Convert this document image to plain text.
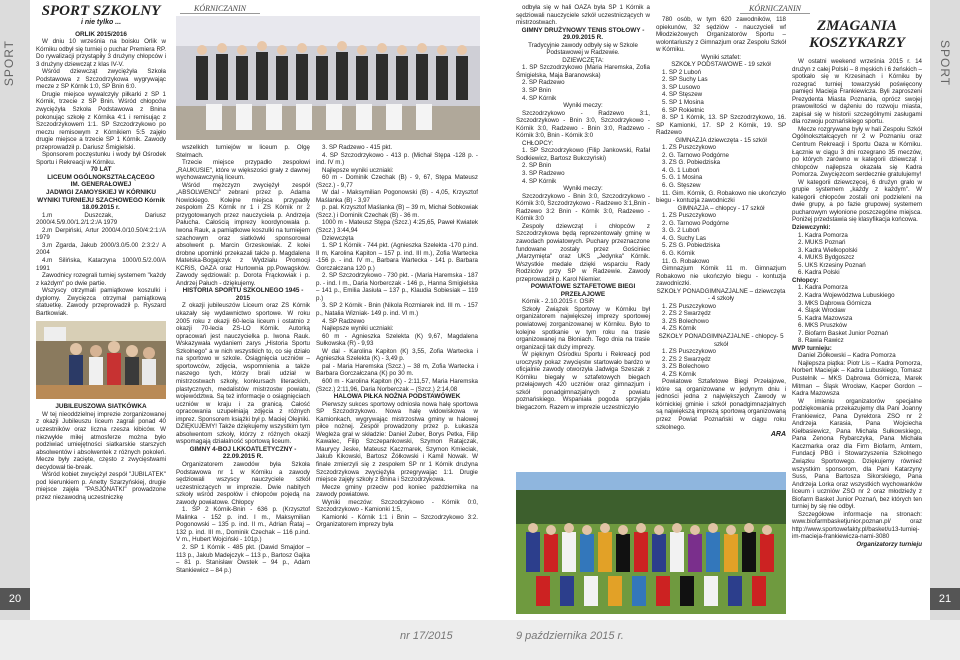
SPORT
20
nr 17/2015
SPORT SZKOLNY
i nie tylko ...

ORLIK 2015/2016

W dniu 10 września na boisku Orlik w Kórniku odbył się turniej o puchar Premiera RP. Do rywalizacji przystąpiły 3 drużyny chłopców i 3 drużyny dziewcząt z klas IV-V.

Wśród dziewcząt zwyciężyła Szkoła Podstawowa z Szczodrzykowa wygrywając mecze z SP Kórnik 1:0, SP Bnin 6:0.

Drugie miejsce wywalczyły piłkarki z SP 1 Kórnik, trzecie z SP Bnin. Wśród chłopców zwyciężyła Szkoła Podstawowa z Bnina pokonując szkołę z Kórnika 4:1 i remisując z Szczodrzykowem 1:1. SP Szczodrzykowo po meczu remisowym z Kórnikiem 5:5 zajęło drugie miejsce a trzecie SP 1 Kórnik. Zawody przeprowadził p. Dariusz Śmigielski.

Sponsorem poczęstunku i wody był Ośrodek Sportu i Rekreacji w Kórniku.

70 LAT

LICEUM OGÓLNOKSZTAŁCĄCEGO

IM. GENERAŁOWEJ

JADWIGI ZAMOYSKIEJ W KÓRNIKU

WYNIKI TURNIEJU SZACHOWEGO Kórnik 18.09.2015 r.

1.m Duszczak, Dariusz 2000/4.5/9.00/1.2/1:2:/A 1979

2.m Derpiński, Artur 2000/4.0/10.50/4:2:1:/A 1979

3.m Zgarda, Jakub 2000/3.0/5.00 2:3:2:/ A 2004

4.m Silińska, Katarzyna 1000/0.5/2.00/A 1991

Zawodnicy rozegrali turniej systemem "każdy z każdym" po dwie partie.

Wszyscy otrzymali pamiątkowe koszulki i dyplomy. Zwycięzca otrzymał pamiątkową statuetkę. Zawody przeprowadził p. Ryszard Bartkowiak.

JUBILEUSZOWA SIATKÓWKA

W tej nieoddzielnej imprezie zorganizowanej z okazji Jubileuszu liceum zagrali ponad 40 uczestników oraz liczna rzesza kibiców. W niezwykle miłej atmosferze można było podziwiać umiejętności siatkarskie starszych absolwentów i absolwentek z różnych pokoleń. Mecze były zacięte, często z zwycięstwami decydował tie-break.

Wśród kobiet zwyciężył zespół "JUBILATEK" pod kierunkiem p. Anetty Szarzyńskiej, drugie miejsce zajęła "PASJONATKI" prowadzone przez niezawodną uczestniczkę

KÓRNICZANIN

wszelkich turniejów w liceum p. Olgę Stelmach.

Trzecie miejsce przypadło zespołowi „RAUKUSIE", które w większości grały z dawnej wychowawczynią liceum.

Wśród mężczyzn zwyciężył zespół „ABSOLWENCI" zebrani przez p. Adama Nowickiego. Kolejne miejsca przypadły zespołom ZS Kórnik nr 1 i ZS Kórnik nr 2 przygotowanych przez nauczyciela p. Andrzeja Pałucha. Całością imprezy koordynowała p. Iwona Rauk, a pamiątkowe koszulki na turniejem szachowym oraz siatkówki sponsorował absolwent p. Marcin Grzeskowiak. Z kolei drobne upominki przekazali także p. Magdalena Matelska-Bogajczyk z Wydziału Promocji KCRiS, OAZA oraz Hurtownia pp.Powagsków. Zawody sędziowali: p. Dorota Frąckowiak i p. Andrzej Pałuch - dziękujemy.

HISTORIA SPORTU SZKOLNEGO 1945 - 2015

Z okazji jubileuszów Liceum oraz ZS Kórnik ukazały się wydawnictwo sportowe. W roku 2005 roku z okazji 60-lecia liceum i ostatnio z okazji 70-lecia ZS-LO Kórnik. Autorką opracowań jest nauczycielka p. Iwona Rauk. Wskazywała wydaniem zarys „Historia Sportu Szkolnego" a w nich wszystkich to, co się działo na sportowo w szkole. Osiągnięcia uczniów – sportowców, zdjęcia, wspomnienia a także naszego tych, którzy brali udział w mistrzostwach szkoły, konkursach literackich, plastycznych, medalistów mistrzostw powiatu, województwa. Są też informacje o osiągnięciach uczniów w kraju i za granicą. Całość opracowania uzupełniają zdjęcia z różnych imprez. Sponsorem książki był p. Maciej Olejniki. DZIĘKUJEMY! Także dziękujemy wszystkim tym absolwentom szkoły, którzy z różnych okazji wspomagają działalność sportową liceum.

GIMNY 4-BOJ LKKOATLETYCZNY - 22.09.2015 R.

Organizatorem zawodów była Szkoła Podstawowa nr 1 w Kórniku a zawody sędziowali wszyscy nauczyciele szkół uczestniczących w imprezie. Dwie nabitych szkoły wśród zespołów i chłopców pojedą na zawody powiatowe. Chłopcy

1. SP 2 Kórnik-Bnin - 636 p. (Krzysztof Malinka - 152 p. ind. I m., Maksymilian Pogonowski – 135 p. ind. II m., Adrian Rataj – 132 p. ind. III m., Dominik Czechak – 116 p.ind. V m., Hubert Wojciński - 101p.)

2. SP 1 Kórnik - 485 pkt. (Dawid Smajdor – 113 p., Jakub Madejczyk – 113 p., Bartosz Gajka – 81 p. Stanisław Owstek – 94 p., Adam Stankiewicz – 84 p.)

3. SP Radzewo - 415 pkt.

4. SP Szczodrzykowo - 413 p. (Michał Stępa -128 p. - ind. IV m.)

Najlepsze wyniki uczniaki:

60 m - Dominik Czechak (B) - 9, 67, Stępa Mateusz (Szcz.) - 9,77

W dal - Maksymilian Pogonowski (B) - 4,05, Krzysztof Maślanka (B) - 3,97

p. pal. Krzysztof Maślanka (B) – 39 m, Michał Sobkowiak (Szcz.) i Dominik Czechak (B) - 36 m.

1000 m - Mateusz Stępa (Szcz.) 4:25,65, Paweł Kwiatek (Szcz.) 3:44,94

Dziewczęta

1. SP 1 Kórnik - 744 pkt. (Agnieszka Szelekta -170 p.ind. II m, Karolina Kapiton – 157 p. ind. III m.), Zofia Wartecka -156 p. - ind. IV m., Barbara Wartecka - 141 p. Barbara Gorczałczana 120 p.)

2. SP Szczodrzykowo - 730 pkt. - (Maria Haremska - 187 p. - ind. I m., Daria Norberczak - 146 p., Hanna Smigielska – 141 p., Emilia Jasiuła – 137 p., Klaudia Sobiesiak – 119 p.)

3. SP 2 Kórnik - Bnin (Nikola Rozmiarek ind. III m. - 157 p., Natalia Wizniak- 149 p. ind. VI m.)

4. SP Radzewo

Najlepsze wyniki uczniaki:

60 m - Agnieszka Szelekta (K) 9,67, Magdalena Sułkowska (R) - 9,93

W dal - Karolina Kapiton (K) 3,55, Zofia Wartecka i Agnieszka Szelekta (K) - 3,49 p.

pal - Maria Haremska (Szcz.) – 38 m, Zofia Wartecka i Barbara Gorczałczana (K) po 30 m.

600 m - Karolina Kapiton (K) - 2:11,57, Maria Haremska (Szcz.) 2:11,96, Daria Norberczak – (Szcz.) 2:14,08

HALOWA PIŁKA NOŻNA PODSTAWÓWEK

Pierwszy sukces sportowy odniosła nowa halę sportowa SP Szczodrzykowo. Nowa halę widowiskowa w Kamionkach, wygrywając mistrzostwa gminy w halowej piłce nożnej. Zespół prowadzony przez p. Łukasza Wegleża grał w składzie: Daniel Zuber, Borys Petka, Filip Kawalec, Filip Szczepankowski, Szymon Ratajczak, Maurycy Jeske, Mateusz Kaczmarek, Szymon Kmieciak, Jakub Kikowski, Bartosz Żółkowski i Kamil Nowak. W finale zmierzyli się z zespołem SP nr 1 Kórnik drużyna Szczodrzykowa zwyciężyła przegrywając 1:1. Drugie miejsce zajęły szkoły z Bnina i Szczodrzykowa.

Mecze gminy przeciw pod koniec października na zawody powiatowe.

Wyniki meczów: Szczodrzykowo - Kórnik 0:0, Szczodrzykowo - Kamionki 1:5,

Kamionki - Kórnik 1:1 i Bnin – Szczodrzykowo 3:2. Organizatorem imprezy była

SPORT
21
9 października 2015 r.
KÓRNICZANIN

odbyła się w hali OAZA była SP 1 Kórnik a sędziowali nauczyciele szkół uczestniczących w mistrzostwach.

GIMNY DRUŻYNOWY TENIS STOŁOWY - 29.09.2015 R.

Tradycyjnie zawody odbyły się w Szkole Podstawowej w Radzewie.

DZIEWCZĘTA:

1. SP Szczodrzykowo (Maria Haremska, Zofia Śmigielska, Maja Baranowska)

2. SP Radzewo

3. SP Bnin

4. SP Kórnik

Wyniki meczy:

Szczodrzykowo - Radzewo 3:1, Szczodrzykowo - Bnin 3:0, Szczodrzykowo - Kórnik 3:0, Radzewo - Bnin 3:0, Radzewo - Kórnik 3:0, Bnin - Kórnik 3:0

CHŁOPCY:

1. SP Szczodrzykowo (Filip Jankowski, Rafał Sodkiewicz, Bartosz Bukczyński)

2. SP Bnin

3. SP Radzewo

4. SP Kórnik

Wyniki meczy:

Szczodrzykowo - Bnin 3:0, Szczodrzykowo - Kórnik 3:0, Szczodrzykowo - Radzewo 3:1,Bnin - Radzewo 3:2 Bnin - Kórnik 3:0, Radzewo - Kórnik 3:0

Zespoły dziewcząt i chłopców z Szczodrzykowa będą reprezentowały gminę w zawodach powiatowych. Puchary przeznaczone fundowane zostały przez Gościniec „Marzymięta" oraz UKS „Jedynka" Kórnik. Wszystkie medale dzięki wsparciu Rady Rodziców przy SP w Radzewie. Zawody przeprowadził p. Karol Niemier.

POWIATOWE SZTAFETOWE BIEGI PRZEŁAJOWE

Kórnik - 2.10.2015 r. OSiR

Szkoły Związek Sportowy w Kórniku był organizatorem największej imprezy sportowej powiatowej zorganizowanej w Kórniku. Było to kolejne spotkanie w tym roku na trasie organizowanej na Błoniach. Tego dnia na trasie organizacji tak duży imprezy.

W pięknym Ośrodku Sportu i Rekreacji pod uroczysty pokaz zwycięstw startowało bardzo w oficjalnie zawody otworzyła Jadwiga Szeszak z Kórniku biegały w sztafetowych biegach przełajowych 420 uczniów oraz gimnazjum i szkół ponadgimnazjalnych z powiatu poznańskiego. Wspaniała pogoda sprzyjała biegaczom. Razem w imprezie uczestniczyło

780 osób, w tym 620 zawodników, 118 opiekunów, 32 sędziów - nauczycieli wf Młodzieżowych Organizatorów Sportu – wolontariuszy z Gimnazjum oraz Zespołu Szkół w Kórniku.

Wyniki sztafet:

SZKOŁY PODSTAWOWE - 19 szkół

1. SP 2 Luboń

2. SP Suchy Las

3. SP Lusowo

4. SP Stęszew

5. SP 1 Mosina

6. SP Rokietnic

8. SP 1 Kórnik, 13. SP Szczodrzykowo, 16. SP Kamionki, 17. SP 2 Kórnik, 19. SP Radzewo

GIMNAZJA dziewczęta - 15 szkół

1. ZS Puszczykowo

2. G. Tarnowo Podgórne

3. ZS G. Pobiedziska

4. G. 1 Luboń

5. G. 1 Mosina

6. G. Stęszew

11. Gim. Kórnik, G. Robakowo nie ukończyło biegu - kontuzja zawodniczki

GIMNAZJA – chłopcy - 17 szkół

1. ZS Puszczykowo

2. G. Tarnowo Podgórne

3. G. 2 Luboń

4. G. Suchy Las

5. ZS G. Pobiedziska

6. G. Kórnik

11. G. Robakowo

Gimnazjum Kórnik 11 m. Gimnazjum Robakowo nie ukończyło biegu - kontuzja zawodniczki.

SZKOŁY PONADGIMNAZJALNE – dziewczęta - 4 szkoły

1. ZS Puszczykowo

2. ZS 2 Swarzędz

3. ZS Bolechowo

4. ZS Kórnik

SZKOŁY PONADGIMNAZJALNE - chłopcy- 5 szkół

1. ZS Puszczykowo

2. ZS 2 Swarzędz

3. ZS Bolechowo

4. ZS Kórnik

Powiatowe Sztafetowe Biegi Przełajowe, które są organizowane w jedynym dniu i jedności jedna z największych Zawody w kórnickiej gminie i szkół ponadgimnazjalnych są największą imprezą sportową organizowaną przez Powiat Poznański w ciągu roku szkolnego.

ARA
ZMAGANIA KOSZYKARZY

W ostatni weekend września 2015 r. 14 drużyn z całej Polski – 8 męskich i 6 żeńskich – spotkało się w Krzesinach i Kórniku by rozegrać turniej towarzyski poświęcony pamięci Macieja Frankiewicza. Byli zaproszeni Prezydenta Miasta Poznania, oprócz swojej prawowitości w dążeniu do rozwoju miasta, zapisał się w historii szczególnymi zasługami dla rozwoju poznańskiego sportu.

Mecze rozgrywane były w hali Zespołu Szkół Ogólnokształcących nr 2 w Poznaniu oraz Centrum Rekreacji i Sportu Oaza w Kórniku. Łącznie w ciągu 3 dni rozegrano 35 meczów, po których zarówno w kategorii dziewcząt i chłopców najlepsza okazała się Kadra Pomorza. Zwycięzcom serdecznie gratulujemy!

W kategorii dziewczęcej, 6 drużyn grało w grupie systemem „każdy z każdym". W kategorii chłopców zostali oni podzieleni na dwie grupy, a po fazie grupowej systemem pucharowym wyłonione poszczególne miejsca. Poniżej przedstawia się klasyfikacja końcowa.

Dziewczynki:

1. Kadra Pomorza

2. MUKS Poznań

3. Kadra Wielkopolski

4. MUKS Bydgoszcz

5. UKS Krzesiny Poznań

6. Kadra Polski

Chłopcy:

1. Kadra Pomorza

2. Kadra Województwa Lubuskiego

3. MKS Dąbrowa Górnicza

4. Śląsk Wrocław

5. Kadra Mazowsza

6. MKS Pruszków

7. Biofarm Basket Junior Poznań

8. Rawia Rawicz

MVP turnieju:

Daniel Ziółkowski – Kadra Pomorza

Najlepsza piątka: Piotr Lis – Kadra Pomorza, Norbert Maciejak – Kadra Lubuskiego, Tomasz Pustelnik – MKS Dąbrowa Górnicza, Marek Mitman – Śląsk Wrocław, Kacper Gordon – Kadra Mazowsza

W imieniu organizatorów specjalne podziękowania przekazujemy dla Pani Joanny Frankiewicz, Pana Dyrektora ZSO nr 2 Andrzeja Karasia, Pana Wojciecha Kiełbasiewicz, Pana Michała Sułkowskiego, Pana Zenona Rybarczyka, Pana Michała Kaczmarka oraz dla Firm Biofarm, Amtem, Fundacji PBG i Stowarzyszenia Szkolnego Związku Sportowego. Dziękujemy również wszystkim sponsorom, dla Pani Katarzyny Suss, Pana Bartosza Sikorskiego, Pana Andrzeja Lorka oraz wszystkich wychowanków liceum i uczniów ZSO nr 2 oraz młodzieży z Biofarm Basket Junior Poznań, bez których ten turniej by się nie odbył.

Szczegółowe informacje na stronach: www.biofarmbasketjunior.poznan.pl/ oraz http://www.sportowefakty.pl/basket/u13-turniej-im-macieja-frankiewicza-nami-3080

Organizatorzy turnieju
